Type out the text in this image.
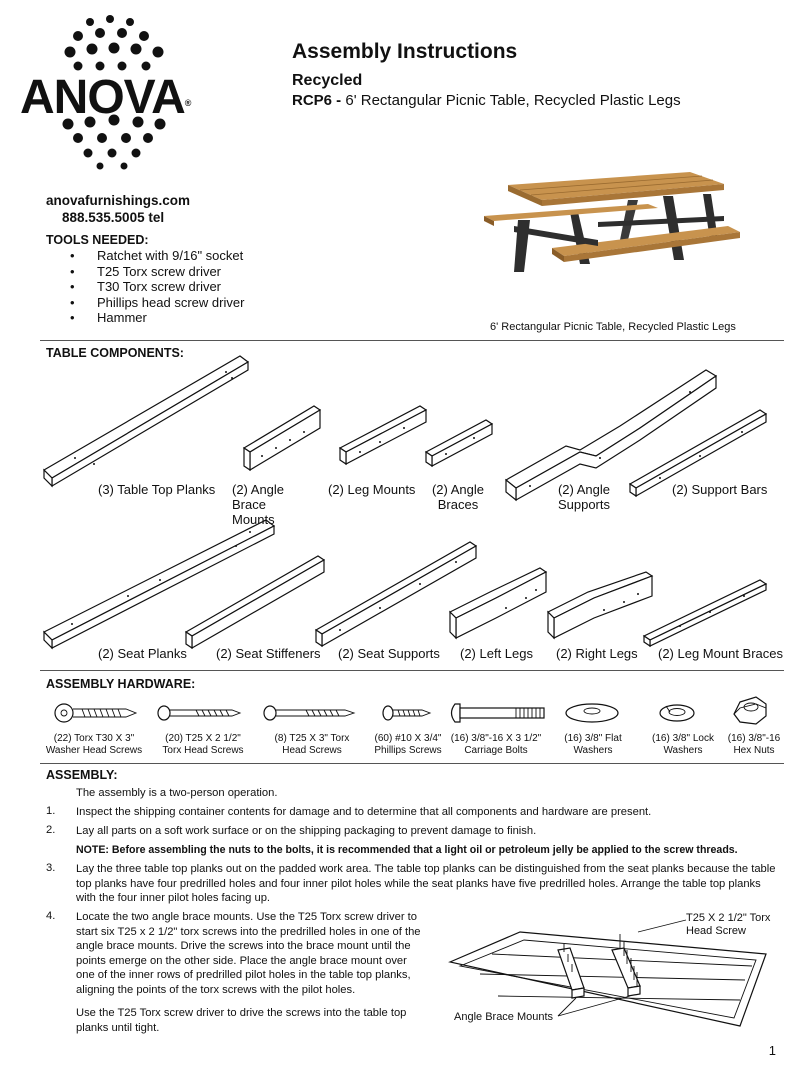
ANOVA®
Assembly Instructions
Recycled
RCP6 - 6' Rectangular Picnic Table, Recycled Plastic Legs
anovafurnishings.com
888.535.5005 tel
TOOLS NEEDED:
• Ratchet with 9/16" socket
• T25 Torx screw driver
• T30 Torx screw driver
• Phillips head screw driver
• Hammer
6' Rectangular Picnic Table, Recycled Plastic Legs
TABLE COMPONENTS:
(3) Table Top Planks (2) Angle Brace Mounts
(2) Leg Mounts (2) Angle Braces
(2) Angle Supports
(2) Support Bars
(2) Seat Planks (2) Seat Stiffeners (2) Seat Supports (2) Left Legs (2) Right Legs (2) Leg Mount Braces
ASSEMBLY HARDWARE:
(22) Torx T30 X 3"
Washer Head Screws
(20) T25 X 2 1/2"
Torx Head Screws
(8) T25 X 3" Torx
Head Screws
(60) #10 X 3/4"
Phillips Screws
(16) 3/8"-16 X 3 1/2"
Carriage Bolts
(16) 3/8" Flat
Washers
(16) 3/8" Lock
Washers
(16) 3/8"-16
Hex Nuts
ASSEMBLY:
The assembly is a two-person operation.
1. Inspect the shipping container contents for damage and to determine that all components and hardware are present.
2. Lay all parts on a soft work surface or on the shipping packaging to prevent damage to finish.
NOTE: Before assembling the nuts to the bolts, it is recommended that a light oil or petroleum jelly be applied to the screw threads.
3. Lay the three table top planks out on the padded work area. The table top planks can be distinguished from the seat planks because the table top planks have four predrilled holes and four inner pilot holes while the seat planks have five predrilled holes. Arrange the table top planks with the four inner pilot holes facing up.
4. Locate the two angle brace mounts. Use the T25 Torx screw driver to start six T25 x 2 1/2" torx screws into the predrilled holes in one of the angle brace mounts. Drive the screws into the brace mount until the points emerge on the other side. Place the angle brace mount over one of the inner rows of predrilled pilot holes in the table top planks, aligning the points of the torx screws with the pilot holes.
Use the T25 Torx screw driver to drive the screws into the table top planks until tight.
T25 X 2 1/2" Torx Head Screw
Angle Brace Mounts
1
